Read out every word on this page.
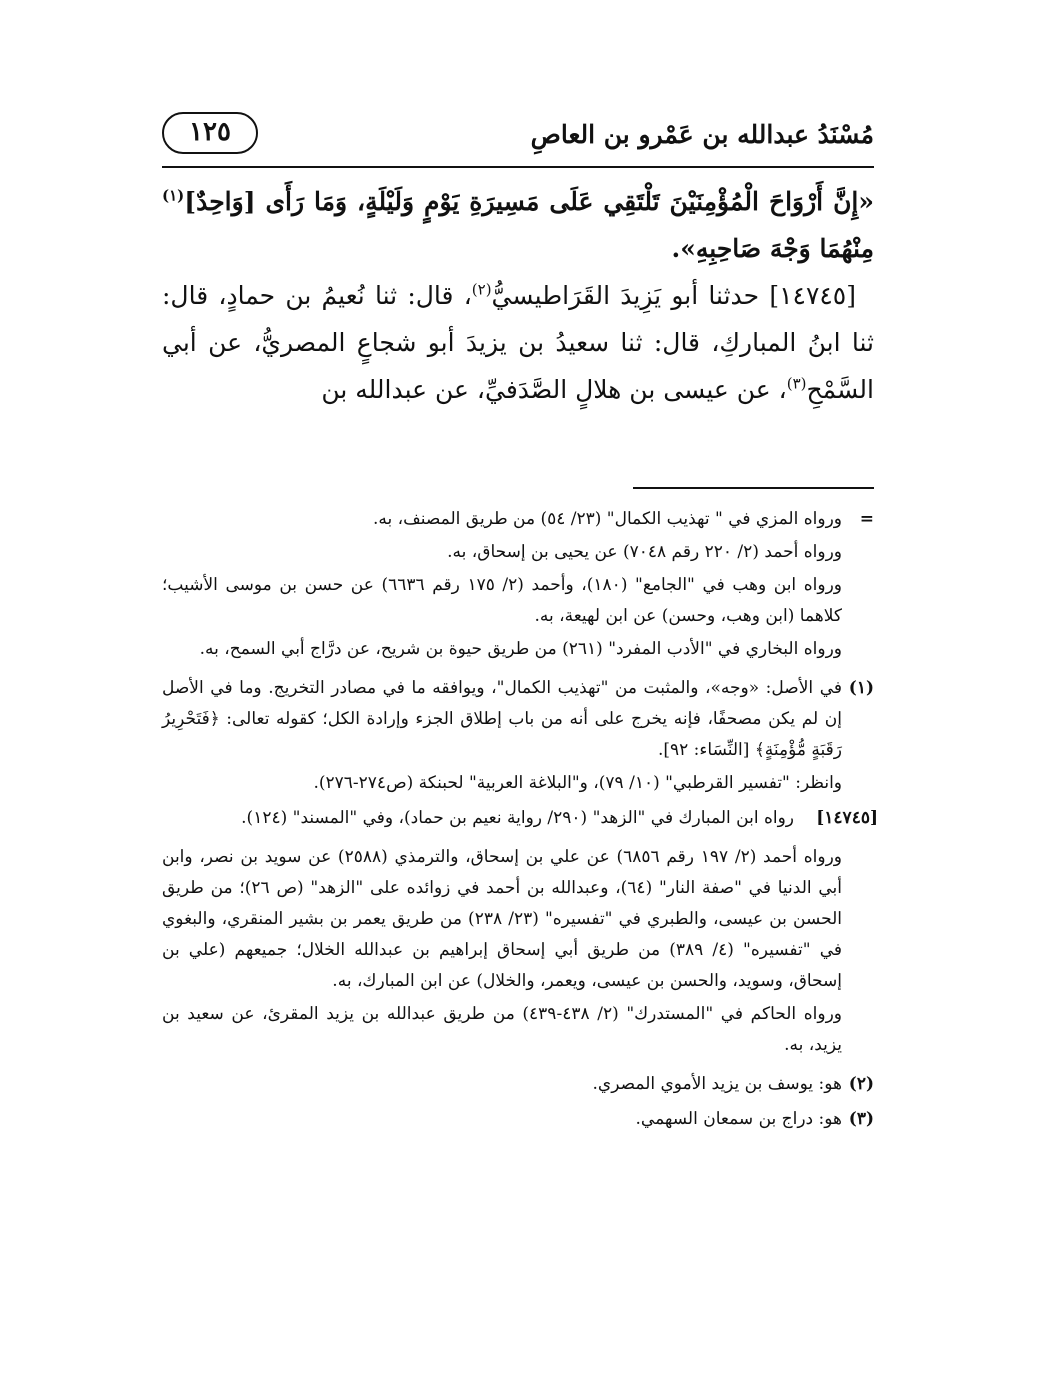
مُسْنَدُ عبدالله بن عَمْرو بن العاصِ
١٢٥

«إِنَّ أَرْوَاحَ الْمُؤْمِنَيْنَ تَلْتَقِي عَلَى مَسِيرَةِ يَوْمٍ وَلَيْلَةٍ، وَمَا رَأَى [وَاحِدٌ]$^{(١)}$ مِنْهُمَا وَجْهَ صَاحِبِهِ».

[١٤٧٤٥] حدثنا أبو يَزِيدَ القَرَاطيسيُّ$^{(٢)}$، قال: ثنا نُعيمُ بن حمادٍ، قال: ثنا ابنُ المباركِ، قال: ثنا سعيدُ بن يزيدَ أبو شجاعٍ المصريُّ، عن أبي السَّمْحِ$^{(٣)}$، عن عيسى بن هلالٍ الصَّدَفيِّ، عن عبدالله بن

=

ورواه المزي في " تهذيب الكمال" (٢٣/ ٥٤) من طريق المصنف، به.

ورواه أحمد (٢/ ٢٢٠ رقم ٧٠٤٨) عن يحيى بن إسحاق، به.

ورواه ابن وهب في "الجامع" (١٨٠)، وأحمد (٢/ ١٧٥ رقم ٦٦٣٦) عن حسن بن موسى الأشيب؛ كلاهما (ابن وهب، وحسن) عن ابن لهيعة، به.

ورواه البخاري في "الأدب المفرد" (٢٦١) من طريق حيوة بن شريح، عن درَّاج أبي السمح، به.

(١)

في الأصل: «وجه»، والمثبت من "تهذيب الكمال"، ويوافقه ما في مصادر التخريج. وما في الأصل إن لم يكن مصحفًا، فإنه يخرج على أنه من باب إطلاق الجزء وإرادة الكل؛ كقوله تعالى: ﴿فَتَحْرِيرُ رَقَبَةٍ مُّؤْمِنَةٍ﴾ [النِّسَاء: ٩٢].

وانظر: "تفسير القرطبي" (١٠/ ٧٩)، و"البلاغة العربية" لحبنكة (ص٢٧٤-٢٧٦).

[١٤٧٤٥]

رواه ابن المبارك في "الزهد" (٢٩٠/ رواية نعيم بن حماد)، وفي "المسند" (١٢٤).

ورواه أحمد (٢/ ١٩٧ رقم ٦٨٥٦) عن علي بن إسحاق، والترمذي (٢٥٨٨) عن سويد بن نصر، وابن أبي الدنيا في "صفة النار" (٦٤)، وعبدالله بن أحمد في زوائده على "الزهد" (ص ٢٦)؛ من طريق الحسن بن عيسى، والطبري في "تفسيره" (٢٣/ ٢٣٨) من طريق يعمر بن بشير المنقري، والبغوي في "تفسيره" (٤/ ٣٨٩) من طريق أبي إسحاق إبراهيم بن عبدالله الخلال؛ جميعهم (علي بن إسحاق، وسويد، والحسن بن عيسى، ويعمر، والخلال) عن ابن المبارك، به.

ورواه الحاكم في "المستدرك" (٢/ ٤٣٨-٤٣٩) من طريق عبدالله بن يزيد المقرئ، عن سعيد بن يزيد، به.

(٢)

هو: يوسف بن يزيد الأموي المصري.

(٣)

هو: دراج بن سمعان السهمي.
